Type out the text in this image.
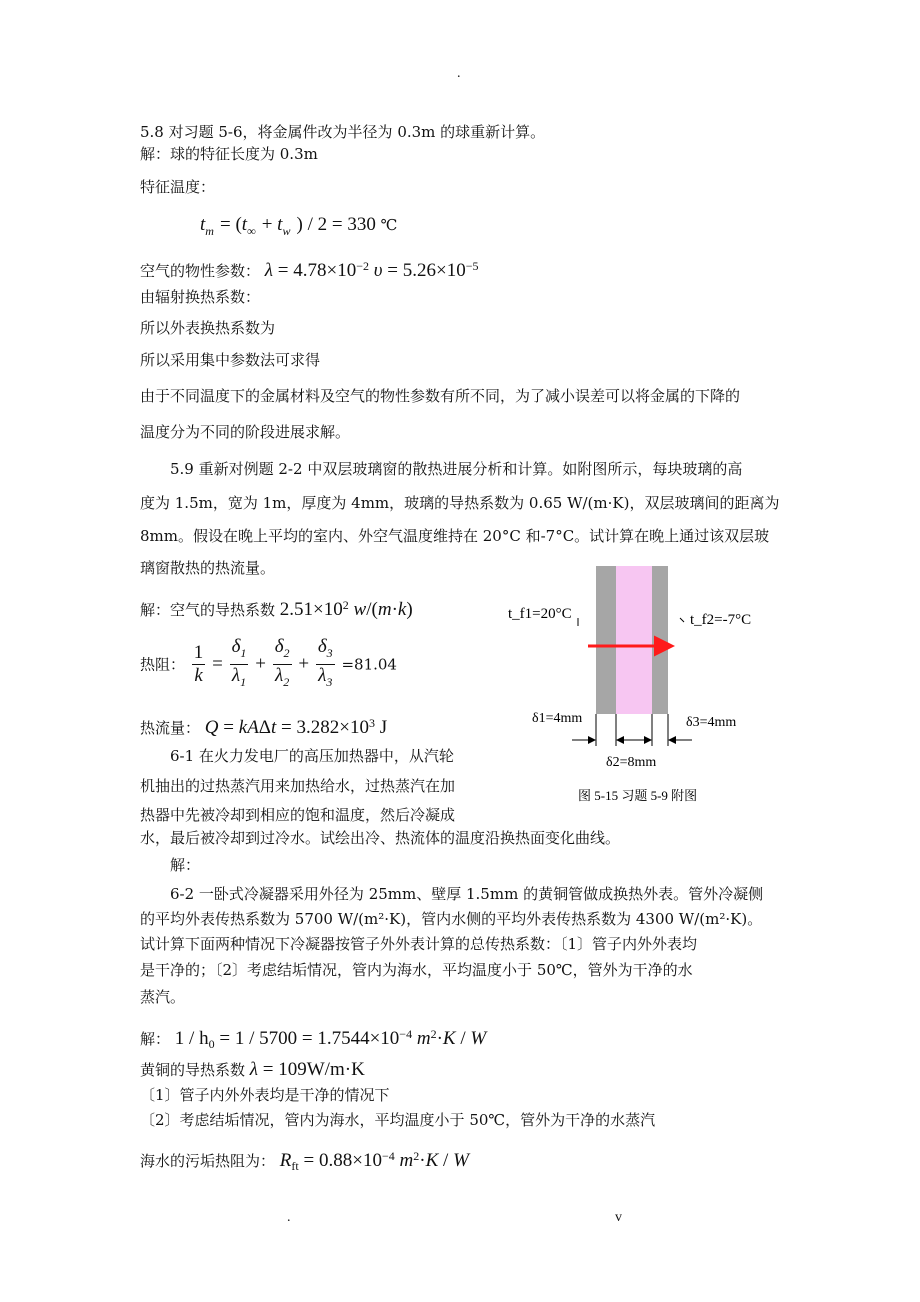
.
5.8 对习题 5-6，将金属件改为半径为 0.3m 的球重新计算。
解：球的特征长度为 0.3m
特征温度：
$t_m = (t_\infty + t_w$ ) / 2 = 330 ℃
空气的物性参数： $\lambda = 4.78\times 10^{-2}$ $\upsilon = 5.26\times 10^{-5}$
由辐射换热系数：
所以外表换热系数为
所以采用集中参数法可求得
由于不同温度下的金属材料及空气的物性参数有所不同，为了减小误差可以将金属的下降的
温度分为不同的阶段进展求解。
5.9 重新对例题 2-2 中双层玻璃窗的散热进展分析和计算。如附图所示，每块玻璃的高
度为 1.5m，宽为 1m，厚度为 4mm，玻璃的导热系数为 0.65 W/(m·K)，双层玻璃间的距离为
8mm。假设在晚上平均的室内、外空气温度维持在 20°C 和-7°C。试计算在晚上通过该双层玻
璃窗散热的热流量。
解：空气的导热系数 $2.51\times 10^2$ w/(m·k)
热阻： $\frac{1}{k} = \frac{\delta_1}{\lambda_1} + \frac{\delta_2}{\lambda_2} + \frac{\delta_3}{\lambda_3} =81.04$
热流量： $Q = kA\Delta t = 3.282\times 10^3$ J
6-1 在火力发电厂的高压加热器中，从汽轮
机抽出的过热蒸汽用来加热给水，过热蒸汽在加
热器中先被冷却到相应的饱和温度，然后冷凝成
水，最后被冷却到过冷水。试绘出冷、热流体的温度沿换热面变化曲线。
解：
6-2 一卧式冷凝器采用外径为 25mm、壁厚 1.5mm 的黄铜管做成换热外表。管外冷凝侧
的平均外表传热系数为 5700 W/(m²·K)，管内水侧的平均外表传热系数为 4300 W/(m²·K)。
试计算下面两种情况下冷凝器按管子外外表计算的总传热系数：〔1〕管子内外外表均
是干净的；〔2〕考虑结垢情况，管内为海水，平均温度小于 50℃，管外为干净的水
蒸汽。
解： $1 / h_0 = 1 / 5700 = 1.7544\times 10^{-4}$ $m^2\cdot K / W$
黄铜的导热系数 λ = 109W/m·K
〔1〕管子内外外表均是干净的情况下
〔2〕考虑结垢情况，管内为海水，平均温度小于 50℃，管外为干净的水蒸汽
海水的污垢热阻为： $R_{ft} = 0.88\times 10^{-4}$ $m^2\cdot K / W$
t_f1=20°C	t_f2=-7°C
δ1=4mm	δ3=4mm
δ2=8mm
图 5-15 习题 5-9 附图
.	v
